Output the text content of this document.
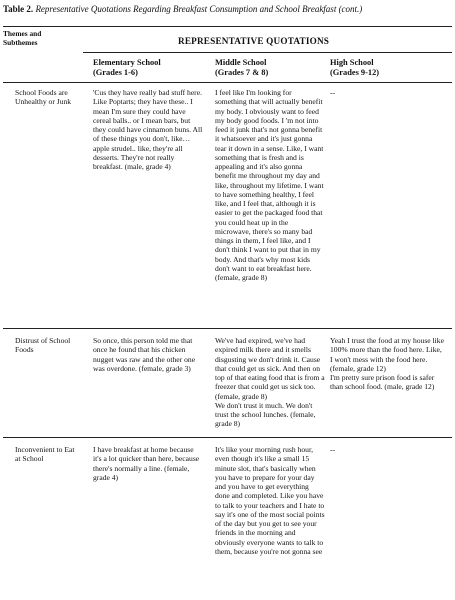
Table 2. Representative Quotations Regarding Breakfast Consumption and School Breakfast (cont.)
Themes and Subthemes	REPRESENTATIVE QUOTATIONS
Elementary School
(Grades 1-6)
Middle School
(Grades 7 & 8)
High School
(Grades 9-12)
School Foods are Unhealthy or Junk
'Cus they have really bad stuff here. Like Poptarts; they have these.. I mean I'm sure they could have cereal balls.. or I mean bars, but they could have cinnamon buns. All of these things you don't, like… apple strudel.. like, they're all desserts. They're not really breakfast. (male, grade 4)
I feel like I'm looking for something that will actually benefit my body. I obviously want to feed my body good foods. I 'm not into feed it junk that's not gonna benefit it whatsoever and it's just gonna tear it down in a sense. Like, I want something that is fresh and is appealing and it's also gonna benefit me throughout my day and like, throughout my lifetime. I want to have something healthy, I feel like, and I feel that, although it is easier to get the packaged food that you could heat up in the microwave, there's so many bad things in them, I feel like, and I don't think I want to put that in my body. And that's why most kids don't want to eat breakfast here. (female, grade 8)
--
Distrust of School Foods
So once, this person told me that once he found that his chicken nugget was raw and the other one was overdone. (female, grade 3)
We've had expired, we've had expired milk there and it smells disgusting we don't drink it. Cause that could get us sick. And then on top of that eating food that is from a freezer that could get us sick too. (female, grade 8)
We don't trust it much. We don't trust the school lunches. (female, grade 8)
Yeah I trust the food at my house like 100% more than the food here. Like, I won't mess with the food here. (female, grade 12)
I'm pretty sure prison food is safer than school food. (male, grade 12)
Inconvenient to Eat at School
I have breakfast at home because it's a lot quicker than here, because there's normally a line. (female, grade 4)
It's like your morning rush hour, even though it's like a small 15 minute slot, that's basically when you have to prepare for your day and you have to get everything done and completed. Like you have to talk to your teachers and I hate to say it's one of the most social points of the day but you get to see your friends in the morning and obviously everyone wants to talk to them, because you're not gonna see
--
